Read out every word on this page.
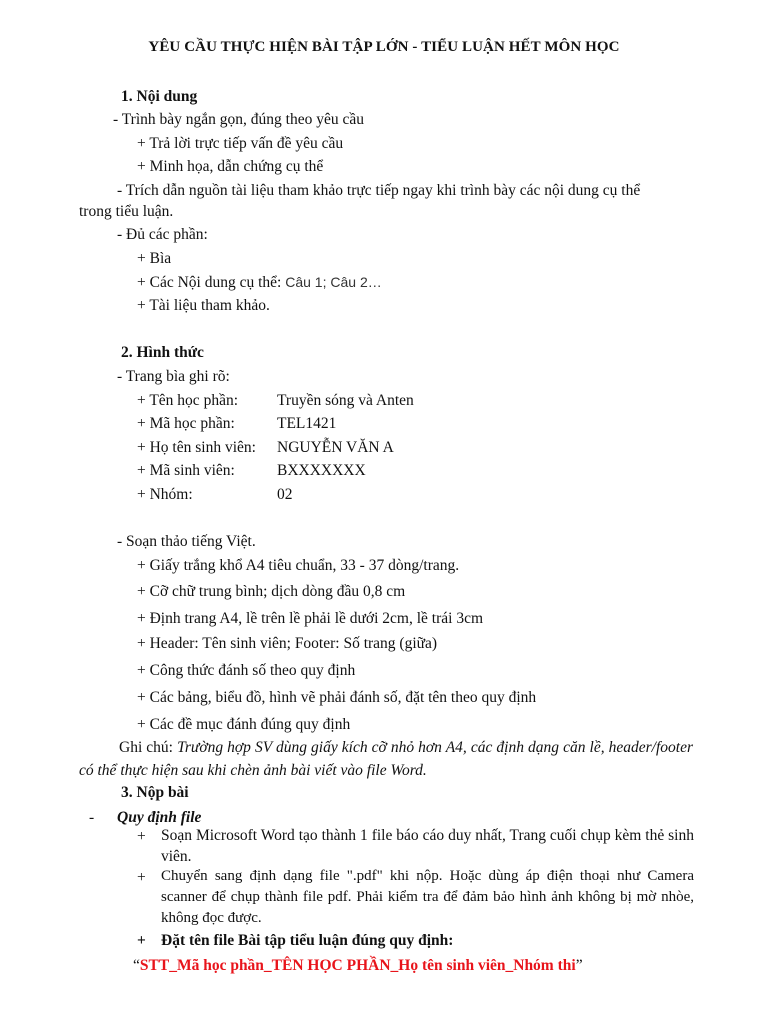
YÊU CẦU THỰC HIỆN BÀI TẬP LỚN - TIỂU LUẬN HẾT MÔN HỌC
1. Nội dung
- Trình bày ngắn gọn, đúng theo yêu cầu
+ Trả lời trực tiếp vấn đề yêu cầu
+ Minh họa, dẫn chứng cụ thể
- Trích dẫn nguồn tài liệu tham khảo trực tiếp ngay khi trình bày các nội dung cụ thể
trong tiểu luận.
- Đủ các phần:
+ Bìa
+ Các Nội dung cụ thể: Câu 1; Câu 2…
+ Tài liệu tham khảo.
2. Hình thức
- Trang bìa ghi rõ:
+ Tên học phần:	Truyền sóng và Anten
+ Mã học phần:	TEL1421
+ Họ tên sinh viên: NGUYỄN VĂN A
+ Mã sinh viên:	BXXXXXXX
+ Nhóm:	02
- Soạn thảo tiếng Việt.
+ Giấy trắng khổ A4 tiêu chuẩn, 33 - 37 dòng/trang.
+ Cỡ chữ trung bình; dịch dòng đầu 0,8 cm
+ Định trang A4, lề trên lề phải lề dưới 2cm, lề trái 3cm
+ Header: Tên sinh viên; Footer: Số trang (giữa)
+ Công thức đánh số theo quy định
+ Các bảng, biểu đồ, hình vẽ phải đánh số, đặt tên theo quy định
+ Các đề mục đánh đúng quy định
Ghi chú: Trường hợp SV dùng giấy kích cỡ nhỏ hơn A4, các định dạng căn lề, header/footer có thể thực hiện sau khi chèn ảnh bài viết vào file Word.
3. Nộp bài
- Quy định file
+ Soạn Microsoft Word tạo thành 1 file báo cáo duy nhất, Trang cuối chụp kèm thẻ sinh viên.
+ Chuyển sang định dạng file ".pdf" khi nộp. Hoặc dùng áp điện thoại như Camera scanner để chụp thành file pdf. Phải kiểm tra để đảm bảo hình ảnh không bị mờ nhòe, không đọc được.
+ Đặt tên file Bài tập tiểu luận đúng quy định:
“STT_Mã học phần_TÊN HỌC PHẦN_Họ tên sinh viên_Nhóm thi”
